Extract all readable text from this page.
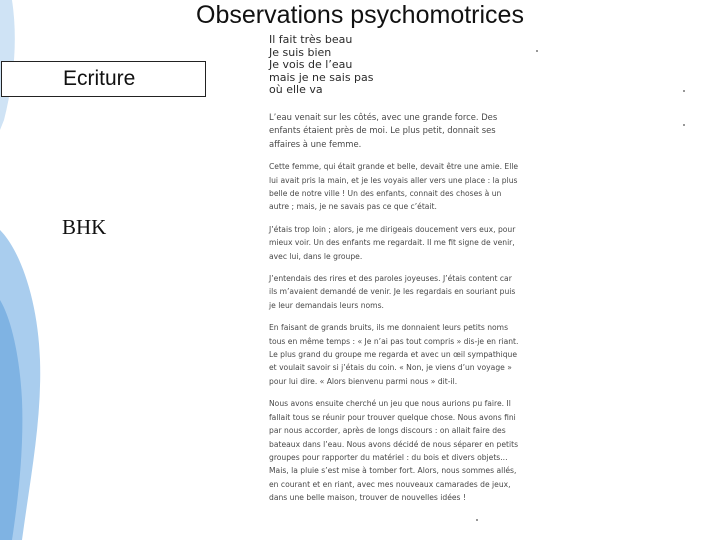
Observations psychomotrices
Ecriture
BHK
Il fait très beau
Je suis bien
Je vois de l’eau
mais je ne sais pas
où elle va
L’eau venait sur les côtés, avec une grande force. Des enfants étaient près de moi. Le plus petit, donnait ses affaires à une femme.
Cette femme, qui était grande et belle, devait être une amie. Elle lui avait pris la main, et je les voyais aller vers une place : la plus belle de notre ville ! Un des enfants, connait des choses à un autre ; mais, je ne savais pas ce que c’était.
J’étais trop loin ; alors, je me dirigeais doucement vers eux, pour mieux voir. Un des enfants me regardait. Il me fit signe de venir, avec lui, dans le groupe.
J’entendais des rires et des paroles joyeuses. J’étais content car ils m’avaient demandé de venir. Je les regardais en souriant puis je leur demandais leurs noms.
En faisant de grands bruits, ils me donnaient leurs petits noms tous en même temps : « Je n’ai pas tout compris » dis-je en riant. Le plus grand du groupe me regarda et avec un œil sympathique et voulait savoir si j’étais du coin. « Non, je viens d’un voyage » pour lui dire. « Alors bienvenu parmi nous » dit-il.
Nous avons ensuite cherché un jeu que nous aurions pu faire. Il fallait tous se réunir pour trouver quelque chose. Nous avons fini par nous accorder, après de longs discours : on allait faire des bateaux dans l’eau. Nous avons décidé de nous séparer en petits groupes pour rapporter du matériel : du bois et divers objets... Mais, la pluie s’est mise à tomber fort. Alors, nous sommes allés, en courant et en riant, avec mes nouveaux camarades de jeux, dans une belle maison, trouver de nouvelles idées !
